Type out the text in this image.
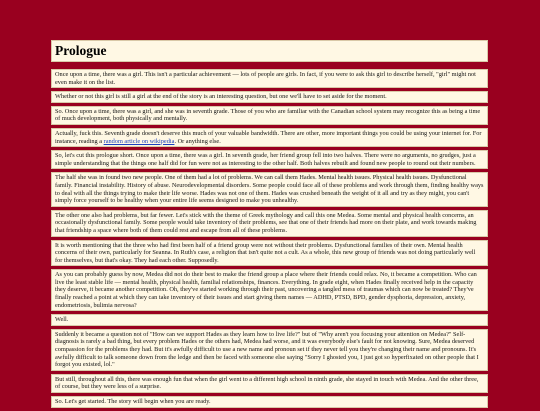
Prologue
Once upon a time, there was a girl. This isn't a particular achievement — lots of people are girls. In fact, if you were to ask this girl to describe herself, "girl" might not even make it on the list.
Whether or not this girl is still a girl at the end of the story is an interesting question, but one we'll have to set aside for the moment.
So. Once upon a time, there was a girl, and she was in seventh grade. Those of you who are familiar with the Canadian school system may recognize this as being a time of much development, both physically and mentally.
Actually, fuck this. Seventh grade doesn't deserve this much of your valuable bandwidth. There are other, more important things you could be using your internet for. For instance, reading a random article on wikipedia. Or anything else.
So, let's cut this prologue short. Once upon a time, there was a girl. In seventh grade, her friend group fell into two halves. There were no arguments, no grudges, just a simple understanding that the things one half did for fun were not as interesting to the other half. Both halves rebuilt and found new people to round out their numbers.
The half she was in found two new people. One of them had a lot of problems. We can call them Hades. Mental health issues. Physical health issues. Dysfunctional family. Financial instability. History of abuse. Neurodevelopmental disorders. Some people could face all of these problems and work through them, finding healthy ways to deal with all the things trying to make their life worse. Hades was not one of them. Hades was crushed beneath the weight of it all and try as they might, you can't simply force yourself to be healthy when your entire life seems designed to make you unhealthy.
The other one also had problems, but far fewer. Let's stick with the theme of Greek mythology and call this one Medea. Some mental and physical health concerns, an occasionally dysfunctional family. Some people would take inventory of their problems, see that one of their friends had more on their plate, and work towards making that friendship a space where both of them could rest and escape from all of these problems.
It is worth mentioning that the three who had first been half of a friend group were not without their problems. Dysfunctional families of their own. Mental health concerns of their own, particularly for Seanna. In Ruth's case, a religion that isn't quite not a cult. As a whole, this new group of friends was not doing particularly well for themselves, but that's okay. They had each other. Supposedly.
As you can probably guess by now, Medea did not do their best to make the friend group a place where their friends could relax. No, it became a competition. Who can live the least stable life — mental health, physical health, familial relationships, finances. Everything. In grade eight, when Hades finally received help in the capacity they deserve, it became another competition. Oh, they've started working through their past, uncovering a tangled mess of traumas which can now be treated? They've finally reached a point at which they can take inventory of their issues and start giving them names — ADHD, PTSD, BPD, gender dysphoria, depression, anxiety, endometriosis, bulimia nervosa?
Well.
Suddenly it became a question not of "How can we support Hades as they learn how to live life?" but of "Why aren't you focusing your attention on Medea?" Self-diagnosis is rarely a bad thing, but every problem Hades or the others had, Medea had worse, and it was everybody else's fault for not knowing. Sure, Medea deserved compassion for the problems they had. But it's awfully difficult to use a new name and pronoun set if they never tell you they're changing their name and pronouns. It's awfully difficult to talk someone down from the ledge and then be faced with someone else saying "Sorry I ghosted you, I just got so hyperfixated on other people that I forgot you existed, lol."
But still, throughout all this, there was enough fun that when the girl went to a different high school in ninth grade, she stayed in touch with Medea. And the other three, of course, but they were less of a surprise.
So. Let's get started. The story will begin when you are ready.
